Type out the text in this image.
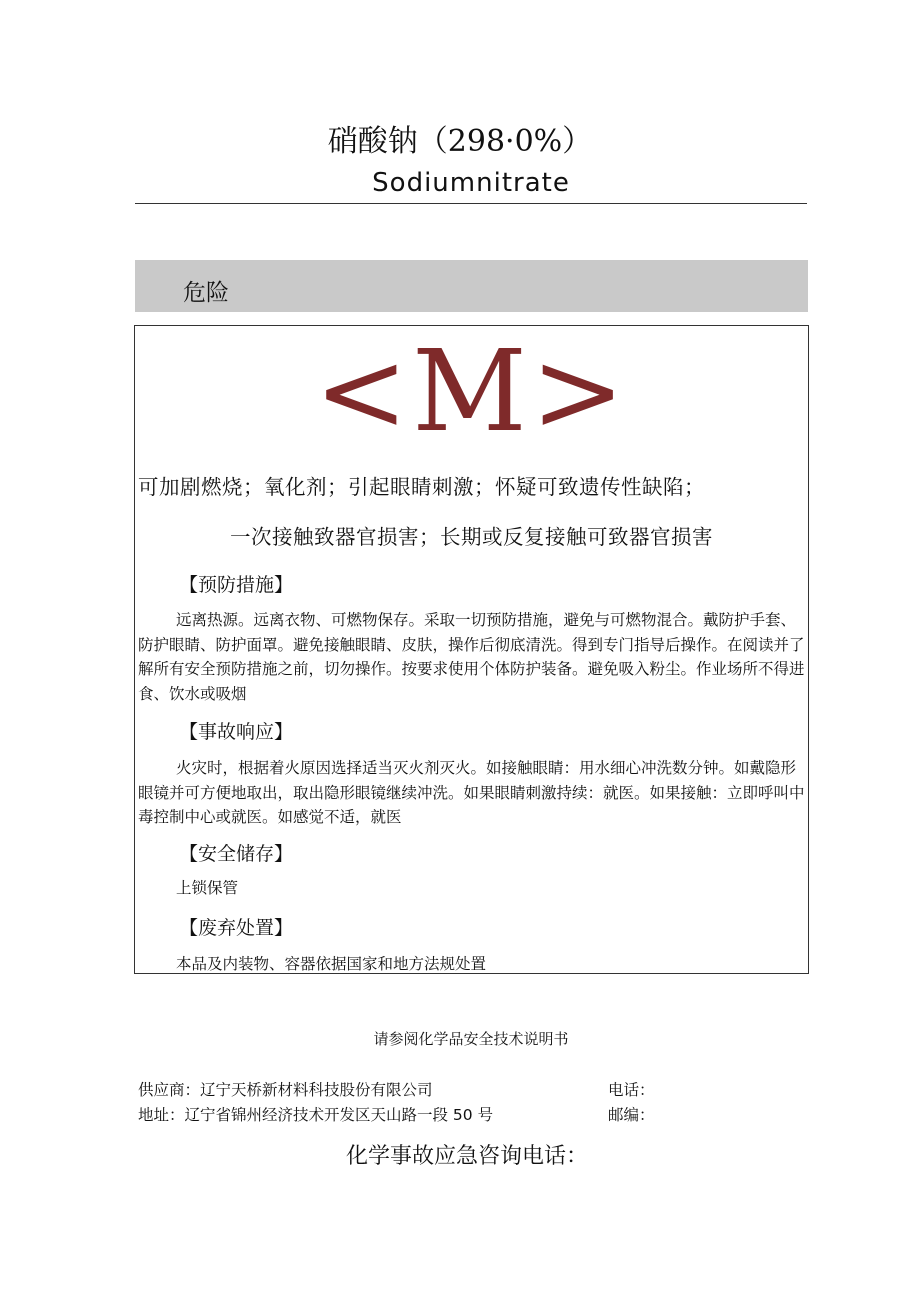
硝酸钠（298·0%）
Sodiumnitrate
危险
<M>
可加剧燃烧；氧化剂；引起眼睛刺激；怀疑可致遗传性缺陷；
一次接触致器官损害；长期或反复接触可致器官损害
【预防措施】
远离热源。远离衣物、可燃物保存。采取一切预防措施，避免与可燃物混合。戴防护手套、防护眼睛、防护面罩。避免接触眼睛、皮肤，操作后彻底清洗。得到专门指导后操作。在阅读并了解所有安全预防措施之前，切勿操作。按要求使用个体防护装备。避免吸入粉尘。作业场所不得进食、饮水或吸烟
【事故响应】
火灾时，根据着火原因选择适当灭火剂灭火。如接触眼睛：用水细心冲洗数分钟。如戴隐形眼镜并可方便地取出，取出隐形眼镜继续冲洗。如果眼睛刺激持续：就医。如果接触：立即呼叫中毒控制中心或就医。如感觉不适，就医
【安全储存】
上锁保管
【废弃处置】
本品及内装物、容器依据国家和地方法规处置
请参阅化学品安全技术说明书
供应商：辽宁天桥新材料科技股份有限公司	电话：
地址：辽宁省锦州经济技术开发区天山路一段 50 号	邮编：
化学事故应急咨询电话：
